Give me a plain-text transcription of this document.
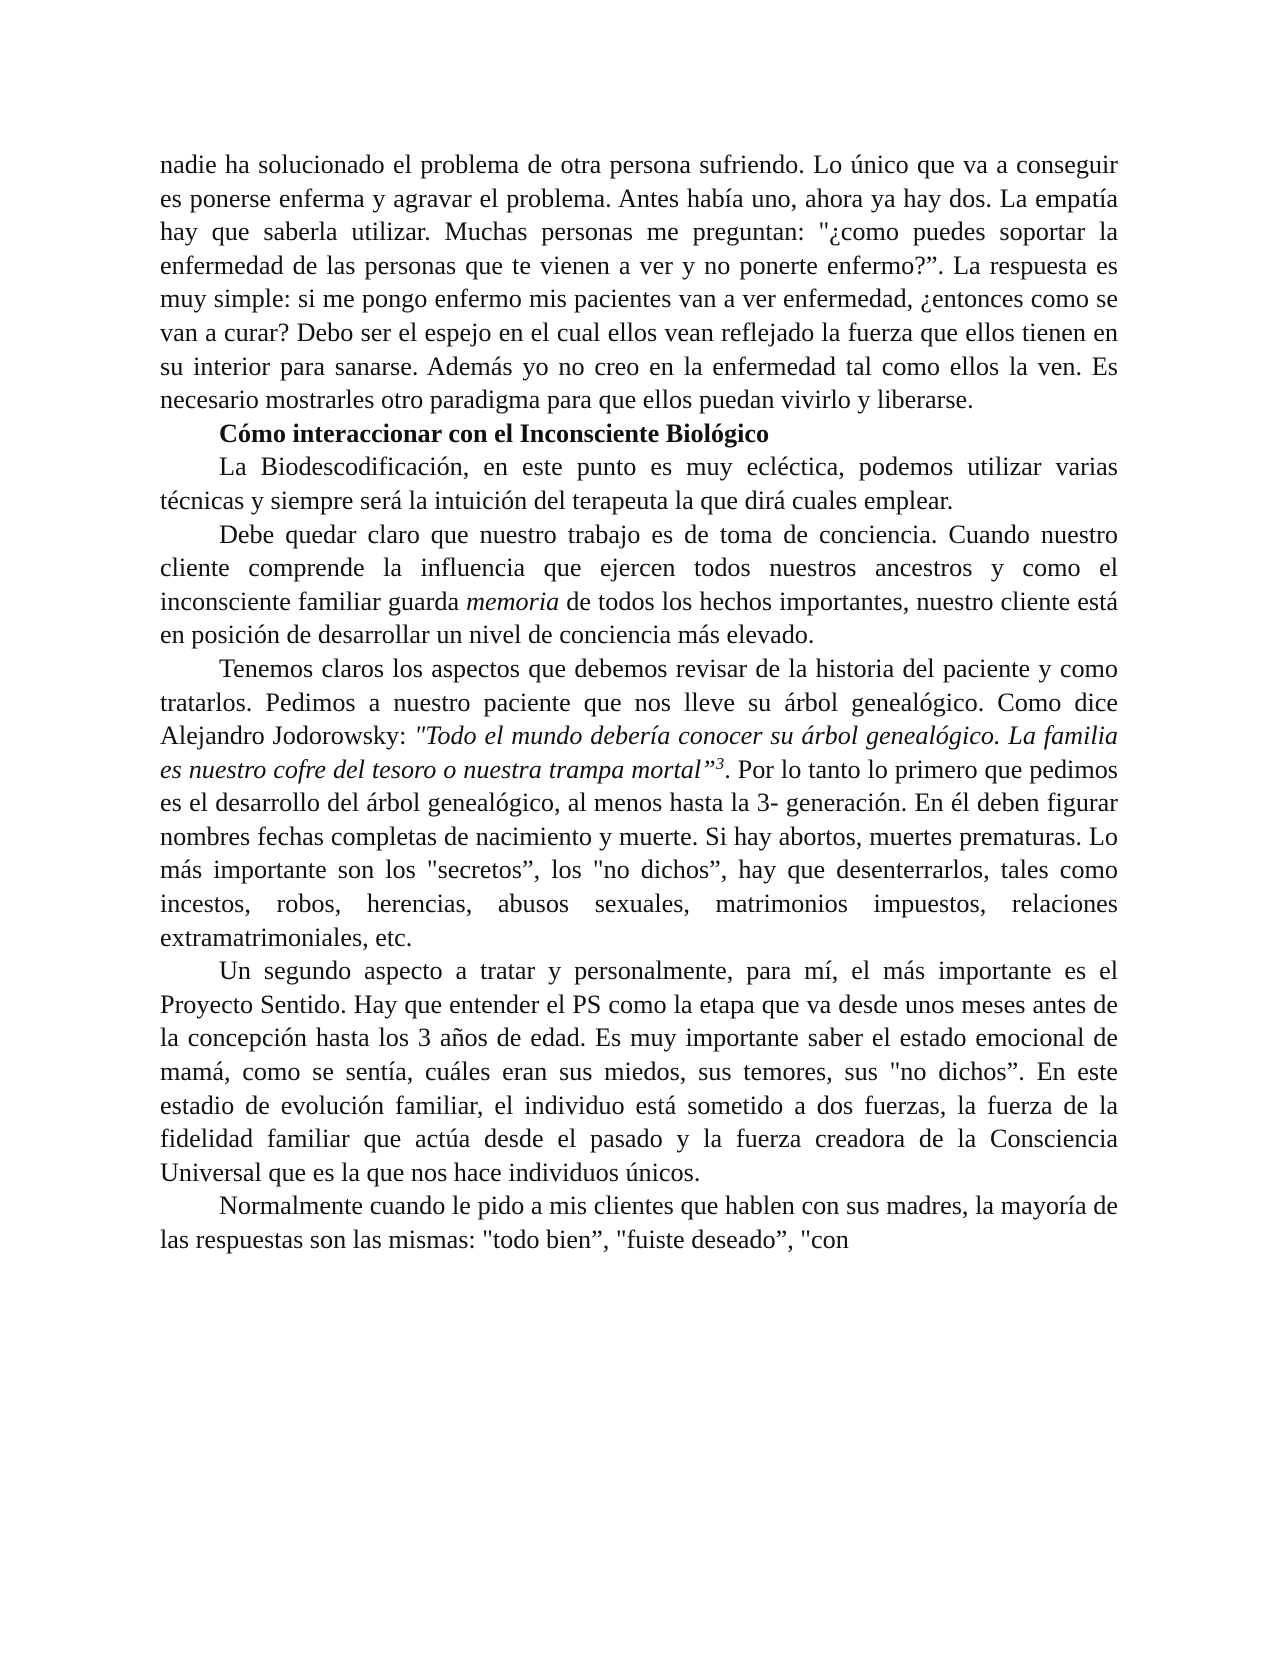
nadie ha solucionado el problema de otra persona sufriendo. Lo único que va a conseguir es ponerse enferma y agravar el problema. Antes había uno, ahora ya hay dos. La empatía hay que saberla utilizar. Muchas personas me preguntan: "¿como puedes soportar la enfermedad de las personas que te vienen a ver y no ponerte enfermo?”. La respuesta es muy simple: si me pongo enfermo mis pacientes van a ver enfermedad, ¿entonces como se van a curar? Debo ser el espejo en el cual ellos vean reflejado la fuerza que ellos tienen en su interior para sanarse. Además yo no creo en la enfermedad tal como ellos la ven. Es necesario mostrarles otro paradigma para que ellos puedan vivirlo y liberarse.

Cómo interaccionar con el Inconsciente Biológico

La Biodescodificación, en este punto es muy ecléctica, podemos utilizar varias técnicas y siempre será la intuición del terapeuta la que dirá cuales emplear.

Debe quedar claro que nuestro trabajo es de toma de conciencia. Cuando nuestro cliente comprende la influencia que ejercen todos nuestros ancestros y como el inconsciente familiar guarda memoria de todos los hechos importantes, nuestro cliente está en posición de desarrollar un nivel de conciencia más elevado.

Tenemos claros los aspectos que debemos revisar de la historia del paciente y como tratarlos. Pedimos a nuestro paciente que nos lleve su árbol genealógico. Como dice Alejandro Jodorowsky: "Todo el mundo debería conocer su árbol genealógico. La familia es nuestro cofre del tesoro o nuestra trampa mortal”$^3$. Por lo tanto lo primero que pedimos es el desarrollo del árbol genealógico, al menos hasta la 3- generación. En él deben figurar nombres fechas completas de nacimiento y muerte. Si hay abortos, muertes prematuras. Lo más importante son los "secretos”, los "no dichos”, hay que desenterrarlos, tales como incestos, robos, herencias, abusos sexuales, matrimonios impuestos, relaciones extramatrimoniales, etc.

Un segundo aspecto a tratar y personalmente, para mí, el más importante es el Proyecto Sentido. Hay que entender el PS como la etapa que va desde unos meses antes de la concepción hasta los 3 años de edad. Es muy importante saber el estado emocional de mamá, como se sentía, cuáles eran sus miedos, sus temores, sus "no dichos”. En este estadio de evolución familiar, el individuo está sometido a dos fuerzas, la fuerza de la fidelidad familiar que actúa desde el pasado y la fuerza creadora de la Consciencia Universal que es la que nos hace individuos únicos.

Normalmente cuando le pido a mis clientes que hablen con sus madres, la mayoría de las respuestas son las mismas: "todo bien”, "fuiste deseado”, "con
